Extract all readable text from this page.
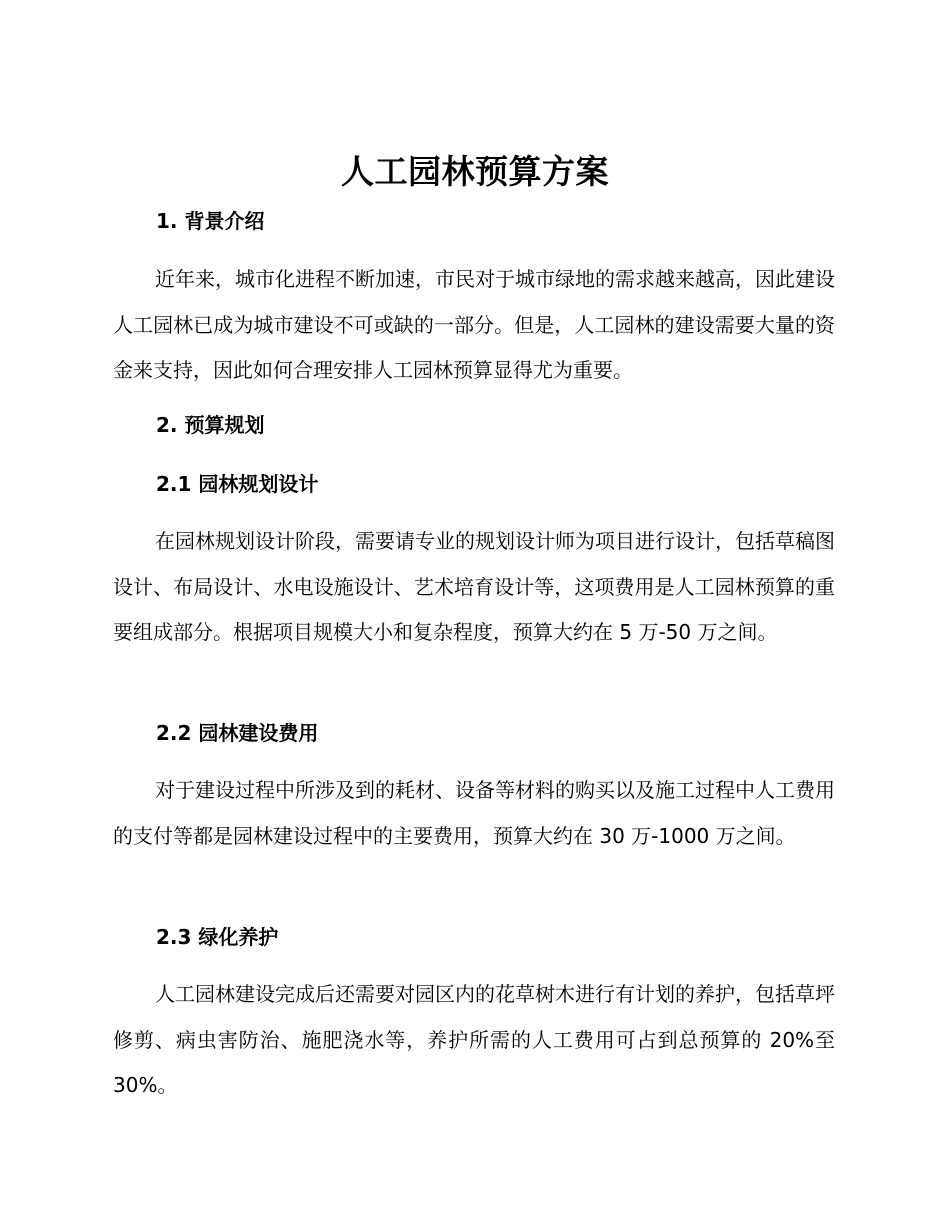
人工园林预算方案
1. 背景介绍

近年来，城市化进程不断加速，市民对于城市绿地的需求越来越高，因此建设人工园林已成为城市建设不可或缺的一部分。但是，人工园林的建设需要大量的资金来支持，因此如何合理安排人工园林预算显得尤为重要。

2. 预算规划
2.1 园林规划设计

在园林规划设计阶段，需要请专业的规划设计师为项目进行设计，包括草稿图设计、布局设计、水电设施设计、艺术培育设计等，这项费用是人工园林预算的重要组成部分。根据项目规模大小和复杂程度，预算大约在 5 万-50 万之间。

2.2 园林建设费用

对于建设过程中所涉及到的耗材、设备等材料的购买以及施工过程中人工费用的支付等都是园林建设过程中的主要费用，预算大约在 30 万-1000 万之间。

2.3 绿化养护

人工园林建设完成后还需要对园区内的花草树木进行有计划的养护，包括草坪修剪、病虫害防治、施肥浇水等，养护所需的人工费用可占到总预算的 20%至 30%。
